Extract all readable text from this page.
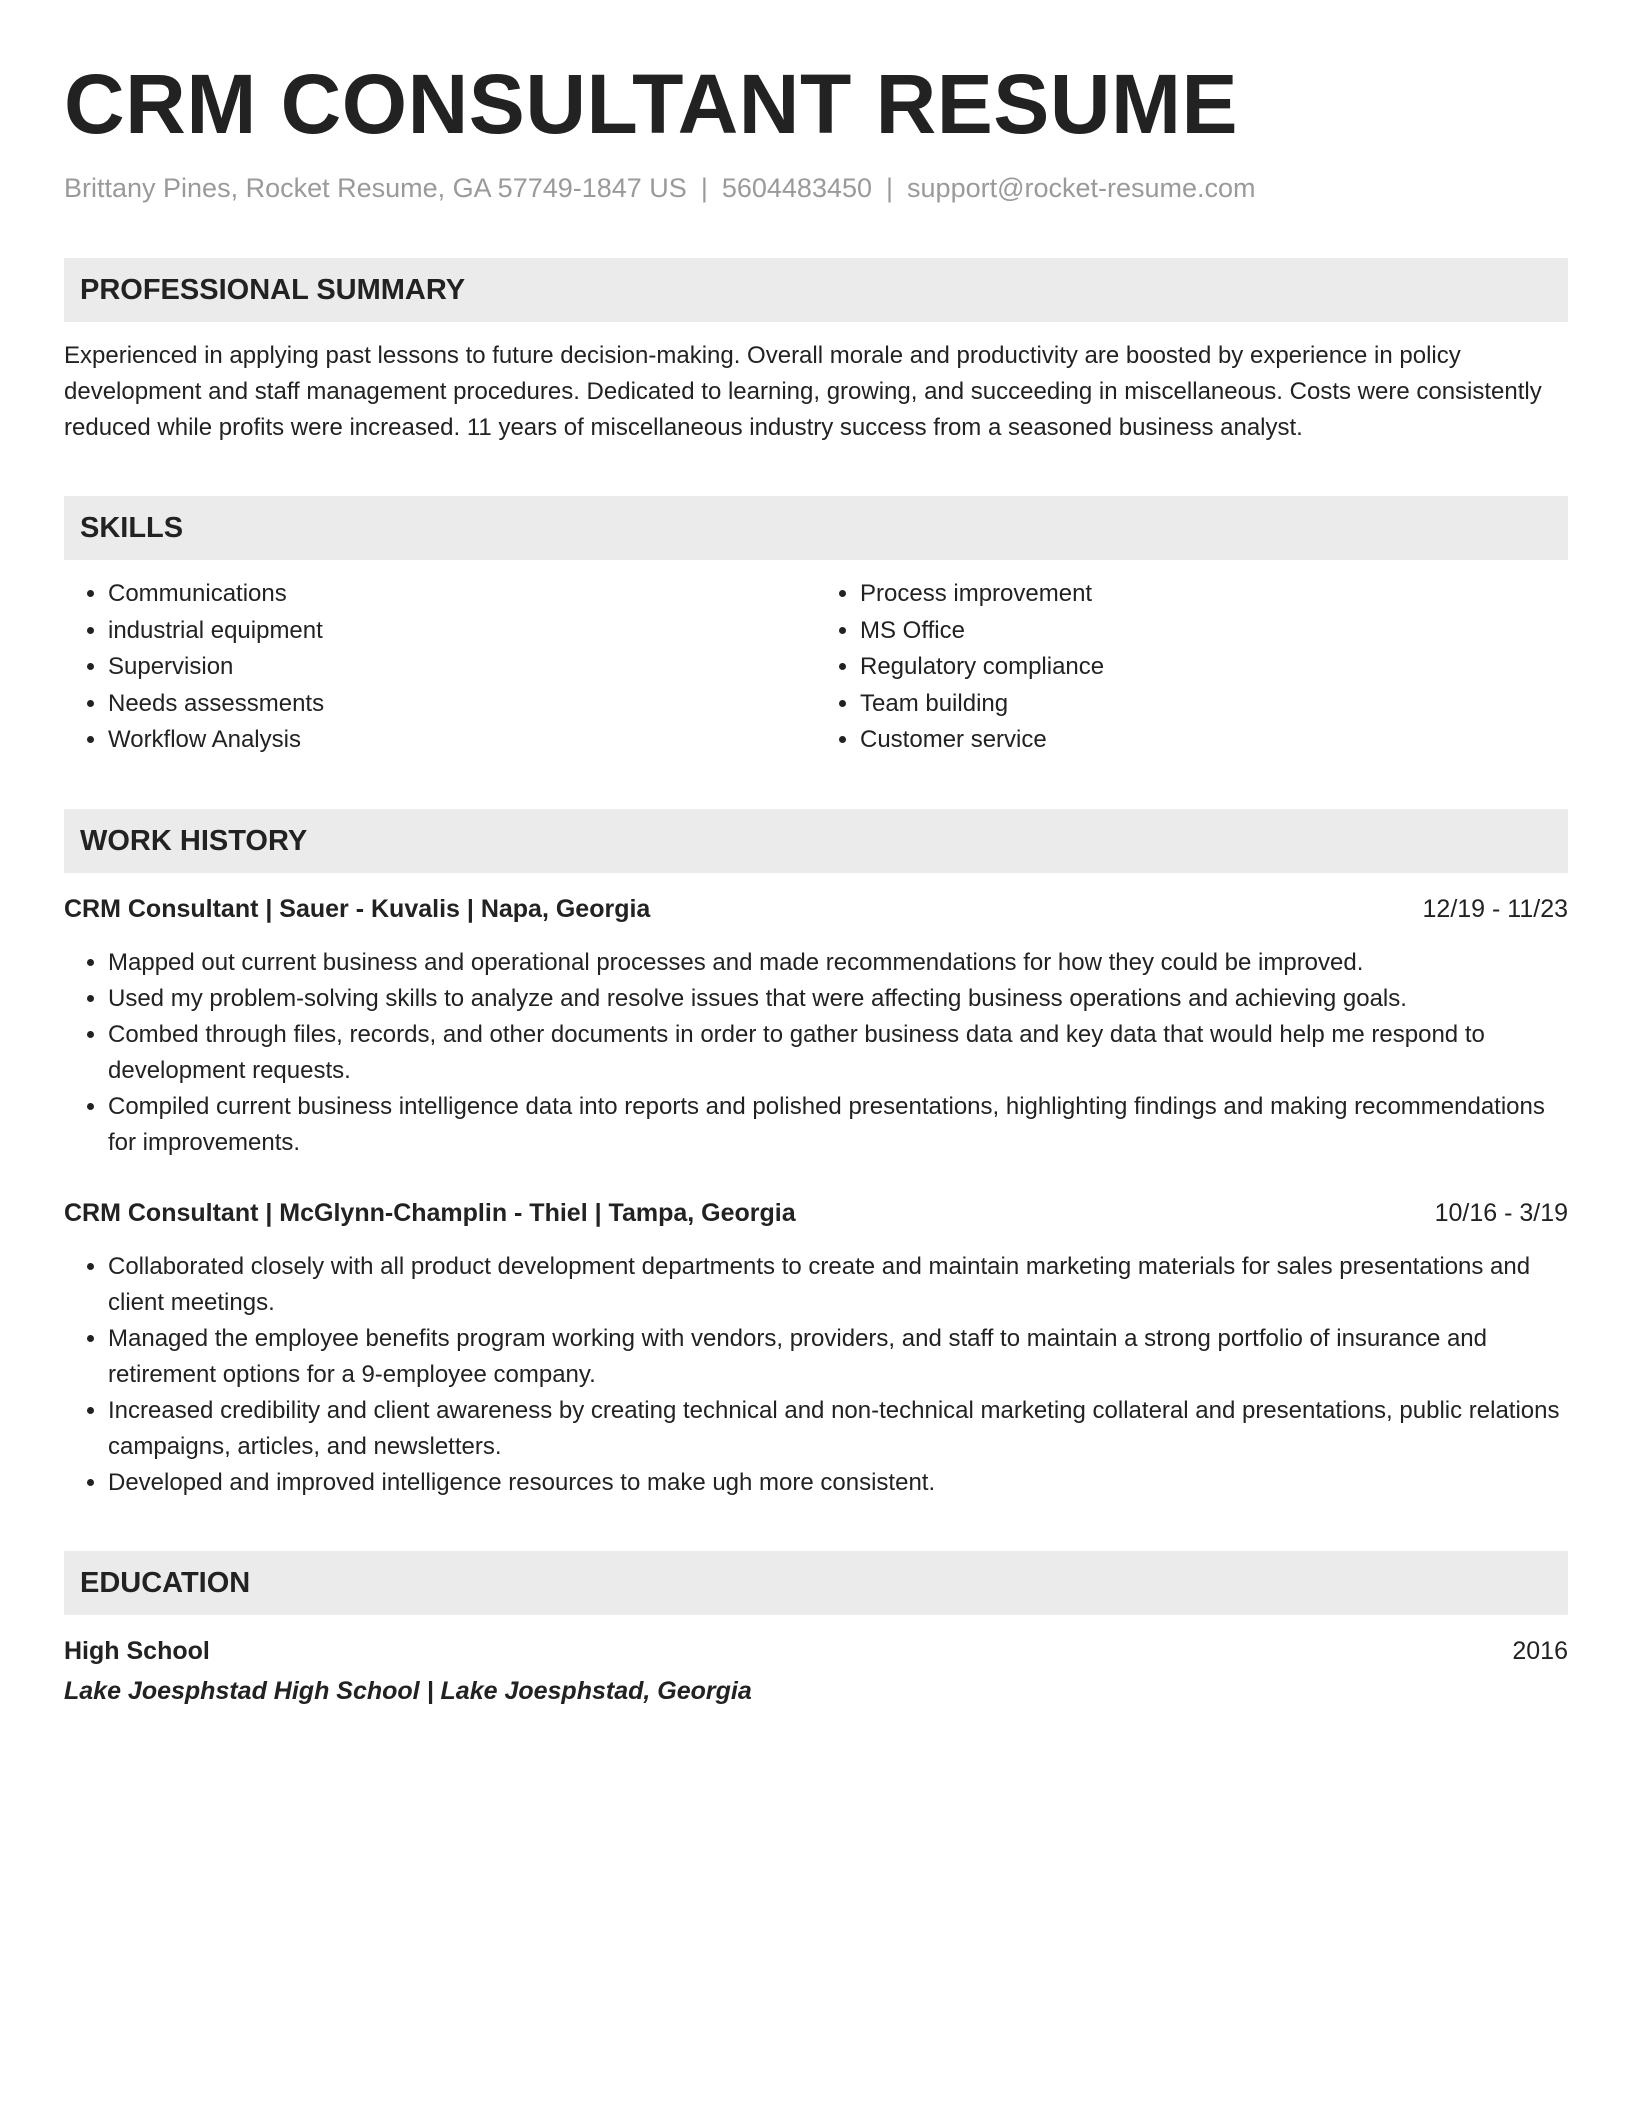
CRM CONSULTANT RESUME
Brittany Pines, Rocket Resume, GA 57749-1847 US | 5604483450 | support@rocket-resume.com
PROFESSIONAL SUMMARY
Experienced in applying past lessons to future decision-making. Overall morale and productivity are boosted by experience in policy development and staff management procedures. Dedicated to learning, growing, and succeeding in miscellaneous. Costs were consistently reduced while profits were increased. 11 years of miscellaneous industry success from a seasoned business analyst.
SKILLS
• Communications
• industrial equipment
• Supervision
• Needs assessments
• Workflow Analysis
• Process improvement
• MS Office
• Regulatory compliance
• Team building
• Customer service
WORK HISTORY
CRM Consultant | Sauer - Kuvalis | Napa, Georgia	12/19 - 11/23
• Mapped out current business and operational processes and made recommendations for how they could be improved.
• Used my problem-solving skills to analyze and resolve issues that were affecting business operations and achieving goals.
• Combed through files, records, and other documents in order to gather business data and key data that would help me respond to development requests.
• Compiled current business intelligence data into reports and polished presentations, highlighting findings and making recommendations for improvements.
CRM Consultant | McGlynn-Champlin - Thiel | Tampa, Georgia	10/16 - 3/19
• Collaborated closely with all product development departments to create and maintain marketing materials for sales presentations and client meetings.
• Managed the employee benefits program working with vendors, providers, and staff to maintain a strong portfolio of insurance and retirement options for a 9-employee company.
• Increased credibility and client awareness by creating technical and non-technical marketing collateral and presentations, public relations campaigns, articles, and newsletters.
• Developed and improved intelligence resources to make ugh more consistent.
EDUCATION
High School	2016
Lake Joesphstad High School | Lake Joesphstad, Georgia
